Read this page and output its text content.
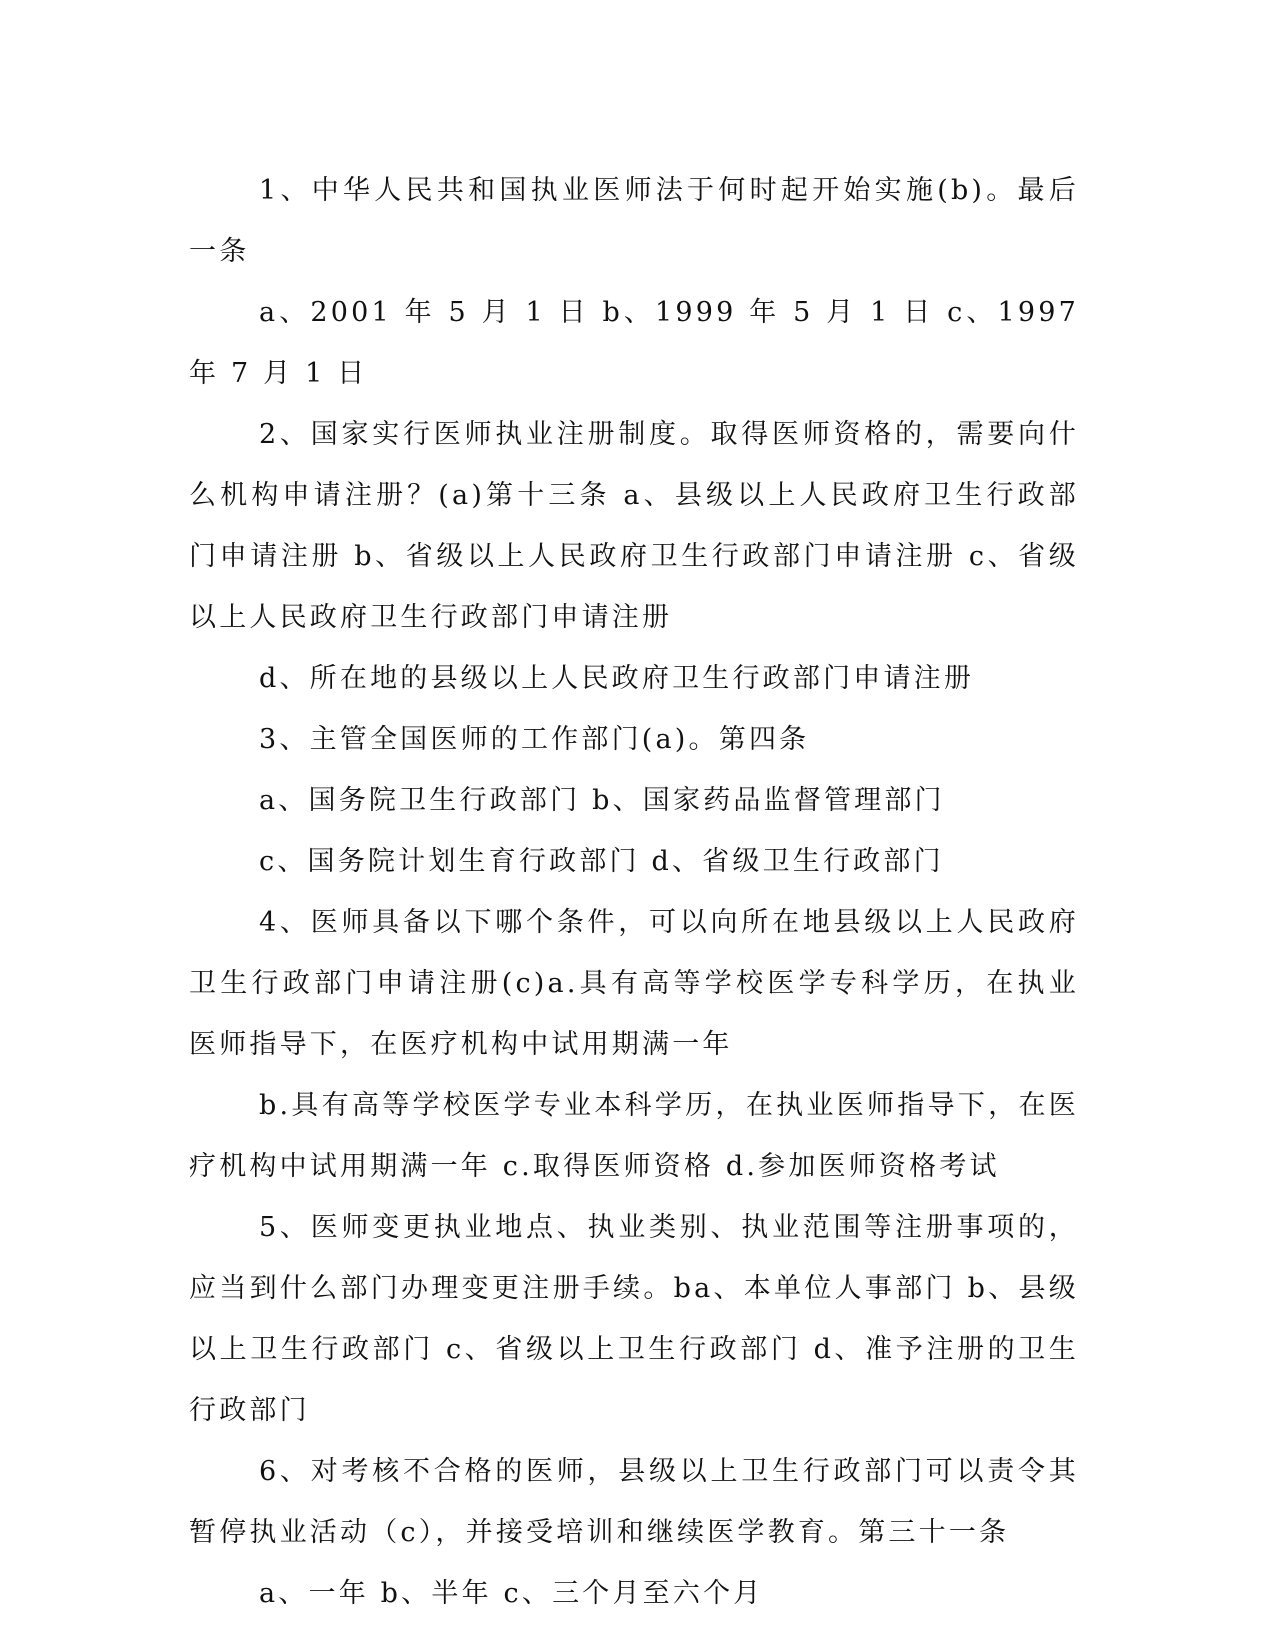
1、中华人民共和国执业医师法于何时起开始实施(b)。最后一条

a、2001 年 5 月 1 日 b、1999 年 5 月 1 日 c、1997 年 7 月 1 日

2、国家实行医师执业注册制度。取得医师资格的，需要向什么机构申请注册？(a)第十三条 a、县级以上人民政府卫生行政部门申请注册 b、省级以上人民政府卫生行政部门申请注册 c、省级以上人民政府卫生行政部门申请注册

d、所在地的县级以上人民政府卫生行政部门申请注册

3、主管全国医师的工作部门(a)。第四条

a、国务院卫生行政部门 b、国家药品监督管理部门

c、国务院计划生育行政部门 d、省级卫生行政部门

4、医师具备以下哪个条件，可以向所在地县级以上人民政府卫生行政部门申请注册(c)a.具有高等学校医学专科学历，在执业医师指导下，在医疗机构中试用期满一年

b.具有高等学校医学专业本科学历，在执业医师指导下，在医疗机构中试用期满一年 c.取得医师资格 d.参加医师资格考试

5、医师变更执业地点、执业类别、执业范围等注册事项的，应当到什么部门办理变更注册手续。ba、本单位人事部门 b、县级以上卫生行政部门 c、省级以上卫生行政部门 d、准予注册的卫生行政部门

6、对考核不合格的医师，县级以上卫生行政部门可以责令其暂停执业活动（c），并接受培训和继续医学教育。第三十一条

a、一年 b、半年 c、三个月至六个月
